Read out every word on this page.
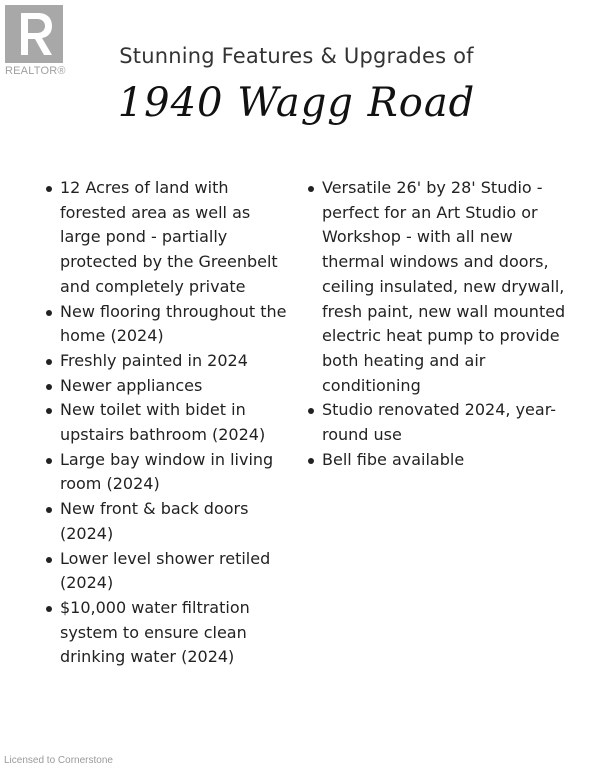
REALTOR®
Stunning Features & Upgrades of
1940 Wagg Road
12 Acres of land with forested area as well as large pond - partially protected by the Greenbelt and completely private
New flooring throughout the home (2024)
Freshly painted in 2024
Newer appliances
New toilet with bidet in upstairs bathroom (2024)
Large bay window in living room (2024)
New front & back doors (2024)
Lower level shower retiled (2024)
$10,000 water filtration system to ensure clean drinking water (2024)
Versatile 26' by 28' Studio - perfect for an Art Studio or Workshop - with all new thermal windows and doors, ceiling insulated, new drywall, fresh paint, new wall mounted electric heat pump to provide both heating and air conditioning
Studio renovated 2024, year-round use
Bell fibe available
Licensed to Cornerstone
